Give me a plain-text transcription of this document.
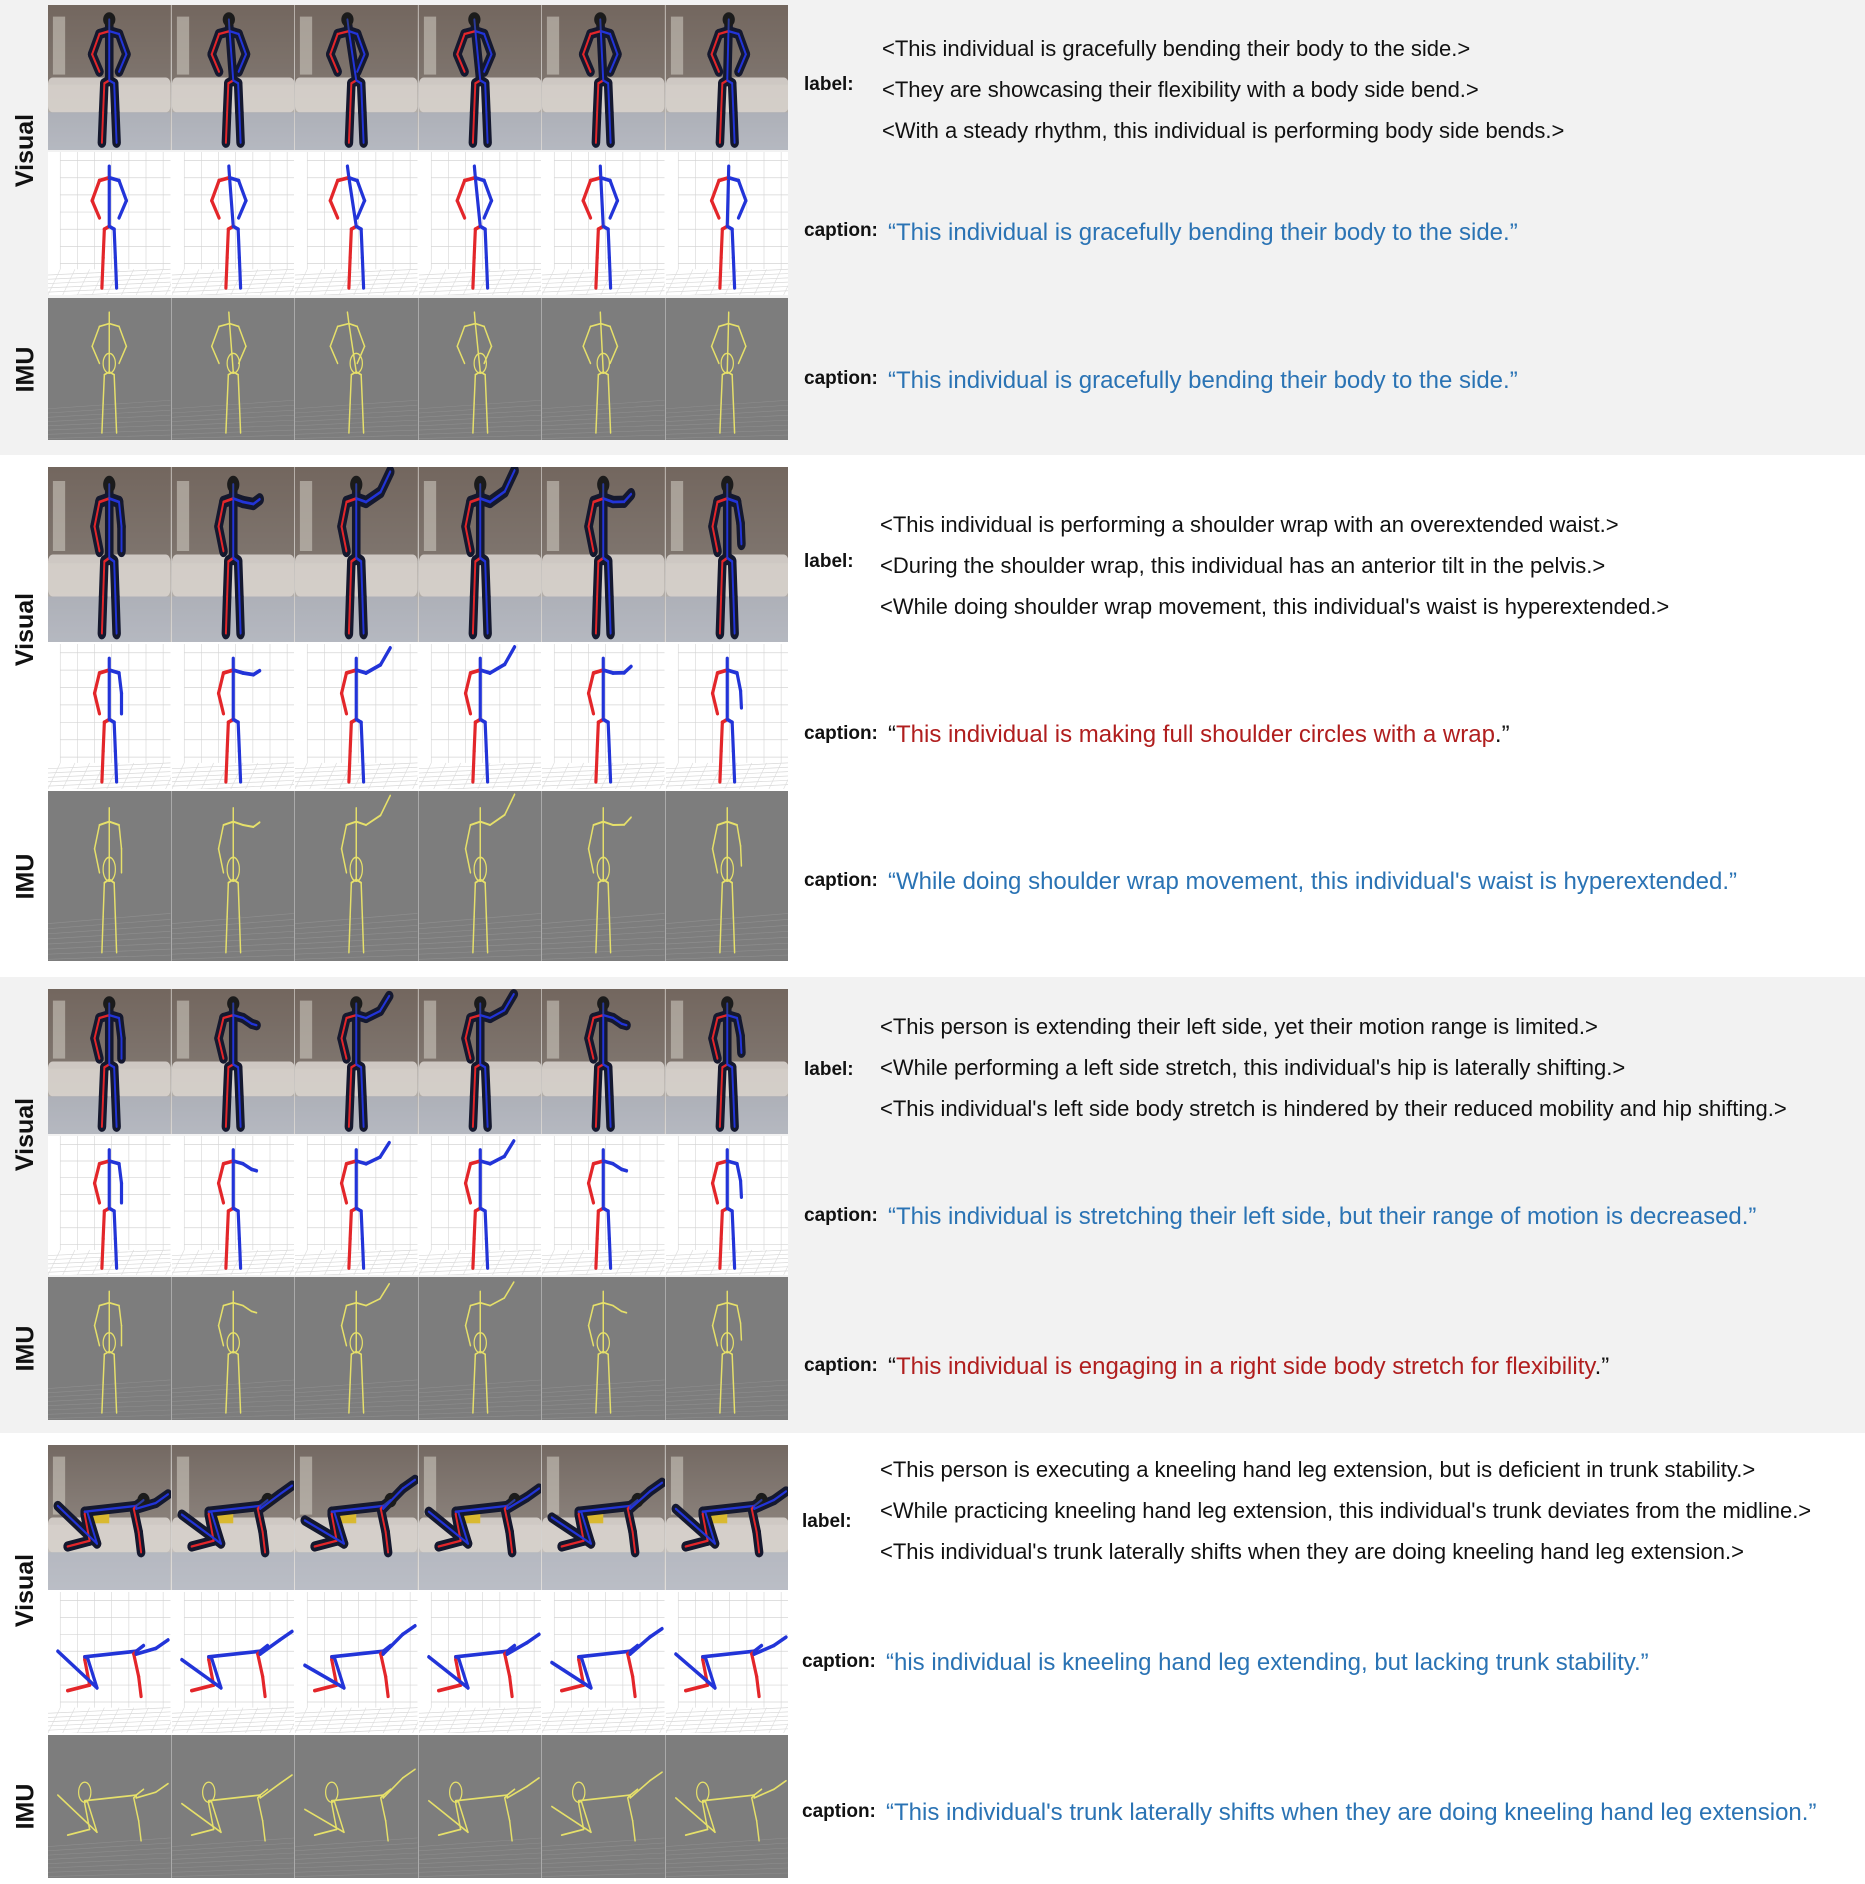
Visual
IMU
label:
<This individual is gracefully bending their body to the side.>
<They are showcasing their flexibility with a body side bend.>
<With a steady rhythm, this individual is performing body side bends.>
caption: “This individual is gracefully bending their body to the side.”
caption: “This individual is gracefully bending their body to the side.”
Visual
IMU
label:
<This individual is performing a shoulder wrap with an overextended waist.>
<During the shoulder wrap, this individual has an anterior tilt in the pelvis.>
<While doing shoulder wrap movement, this individual's waist is hyperextended.>
caption: “This individual is making full shoulder circles with a wrap.”
caption: “While doing shoulder wrap movement, this individual's waist is hyperextended.”
Visual
IMU
label:
<This person is extending their left side, yet their motion range is limited.>
<While performing a left side stretch, this individual's hip is laterally shifting.>
<This individual's left side body stretch is hindered by their reduced mobility and hip shifting.>
caption: “This individual is stretching their left side, but their range of motion is decreased.”
caption: “This individual is engaging in a right side body stretch for flexibility.”
Visual
IMU
label:
<This person is executing a kneeling hand leg extension, but is deficient in trunk stability.>
<While practicing kneeling hand leg extension, this individual's trunk deviates from the midline.>
<This individual's trunk laterally shifts when they are doing kneeling hand leg extension.>
caption: “his individual is kneeling hand leg extending, but lacking trunk stability.”
caption: “This individual's trunk laterally shifts when they are doing kneeling hand leg extension.”
